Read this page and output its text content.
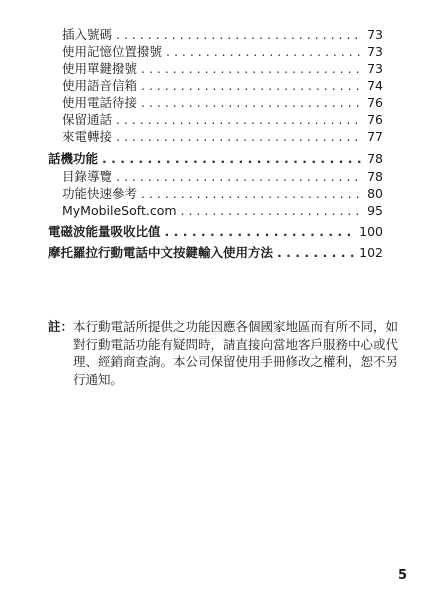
插入號碼 . . .	73
使用記憶位置撥號 . . .	73
使用單鍵撥號 . . .	73
使用語音信箱 . . .	74
使用電話待接 . . .	76
保留通話 . . .	76
來電轉接 . . .	77
話機功能 . . .	78
目錄導覽 . . .	78
功能快速參考 . . .	80
MyMobileSoft.com . . .	95
電磁波能量吸收比值 . . .	100
摩托羅拉行動電話中文按鍵輸入使用方法 . . .	102
註： 本行動電話所提供之功能因應各個國家地區而有所不同，如對行動電話功能有疑問時，請直接向當地客戶服務中心或代理、經銷商查詢。本公司保留使用手冊修改之權利，恕不另行通知。
5
